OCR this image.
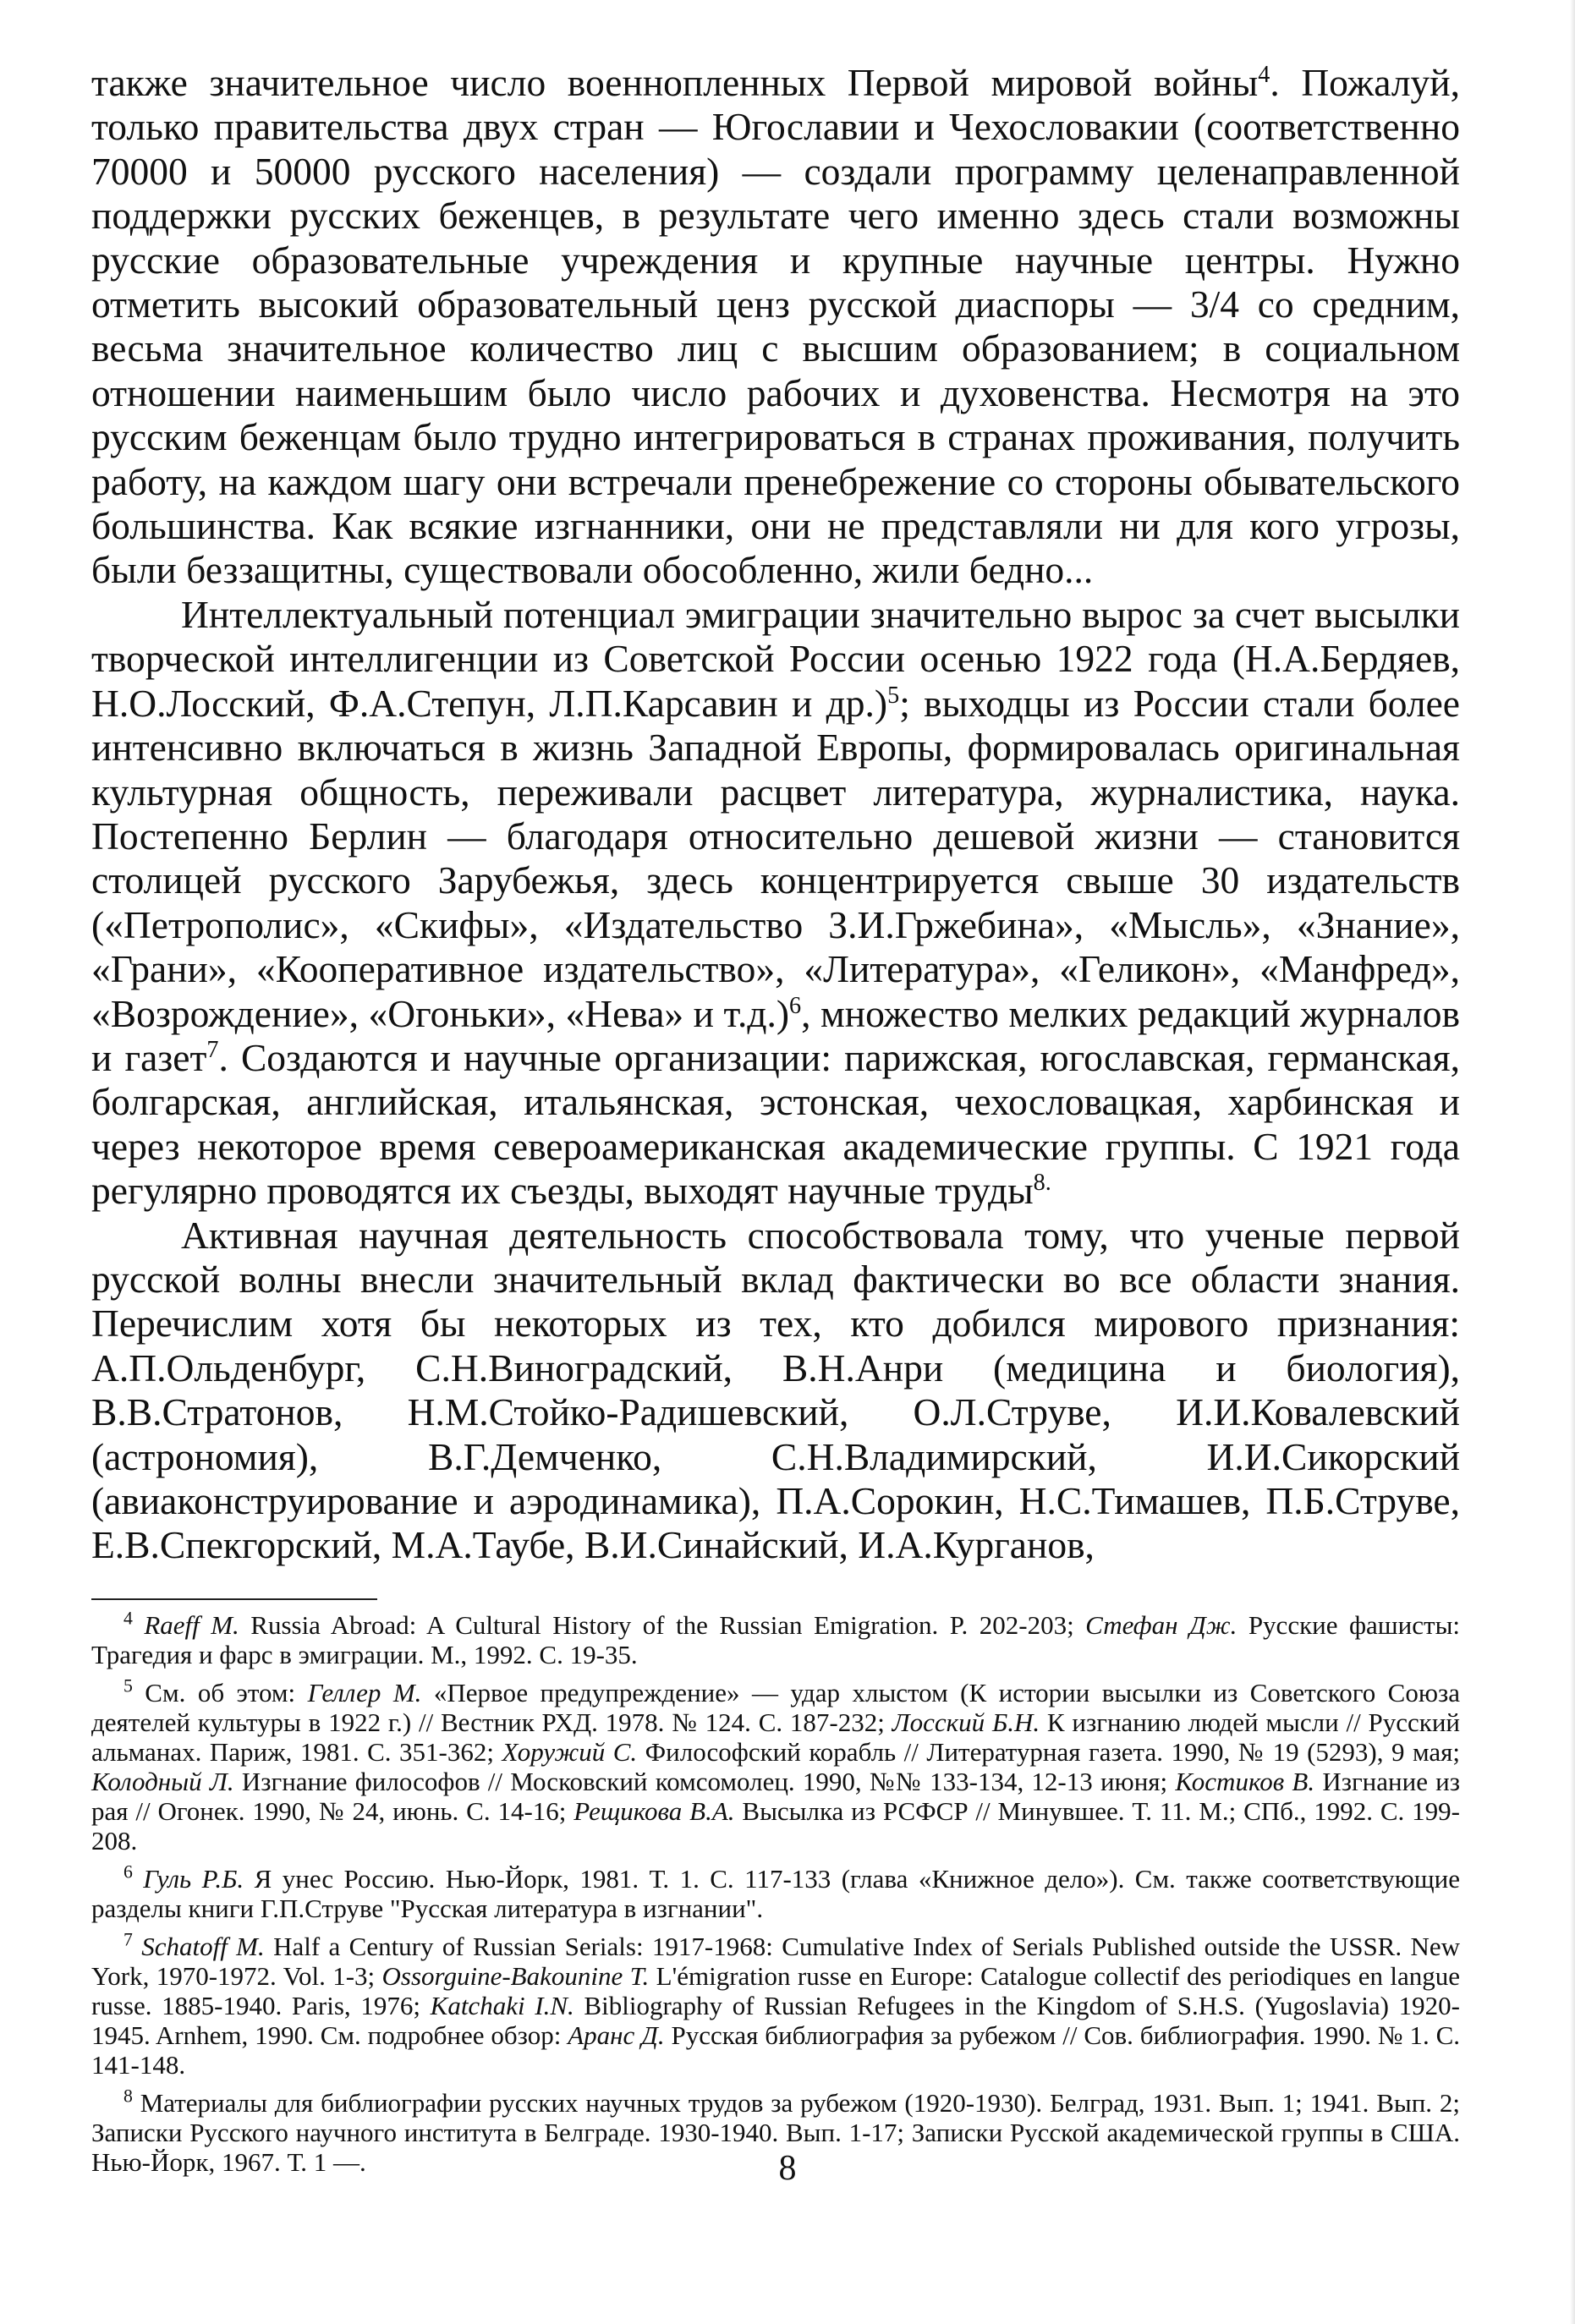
также значительное число военнопленных Первой мировой войны$^4$. Пожалуй, только правительства двух стран — Югославии и Чехословакии (соответственно 70000 и 50000 русского населения) — создали программу целенаправленной поддержки русских беженцев, в результате чего именно здесь стали возможны русские образовательные учреждения и крупные научные центры. Нужно отметить высокий образовательный ценз русской диаспоры — 3/4 со средним, весьма значительное количество лиц с высшим образованием; в социальном отношении наименьшим было число рабочих и духовенства. Несмотря на это русским беженцам было трудно интегрироваться в странах проживания, получить работу, на каждом шагу они встречали пренебрежение со стороны обывательского большинства. Как всякие изгнанники, они не представляли ни для кого угрозы, были беззащитны, существовали обособленно, жили бедно...

Интеллектуальный потенциал эмиграции значительно вырос за счет высылки творческой интеллигенции из Советской России осенью 1922 года (Н.А.Бердяев, Н.О.Лосский, Ф.А.Степун, Л.П.Карсавин и др.)$^5$; выходцы из России стали более интенсивно включаться в жизнь Западной Европы, формировалась оригинальная культурная общность, переживали расцвет литература, журналистика, наука. Постепенно Берлин — благодаря относительно дешевой жизни — становится столицей русского Зарубежья, здесь концентрируется свыше 30 издательств («Петрополис», «Скифы», «Издательство З.И.Гржебина», «Мысль», «Знание», «Грани», «Кооперативное издательство», «Литература», «Геликон», «Манфред», «Возрождение», «Огоньки», «Нева» и т.д.)$^6$, множество мелких редакций журналов и газет$^7$. Создаются и научные организации: парижская, югославская, германская, болгарская, английская, итальянская, эстонская, чехословацкая, харбинская и через некоторое время североамериканская академические группы. С 1921 года регулярно проводятся их съезды, выходят научные труды$^{8.}$

Активная научная деятельность способствовала тому, что ученые первой русской волны внесли значительный вклад фактически во все области знания. Перечислим хотя бы некоторых из тех, кто добился мирового признания: А.П.Ольденбург, С.Н.Виноградский, В.Н.Анри (медицина и биология), В.В.Стратонов, Н.М.Стойко-Радишевский, О.Л.Струве, И.И.Ковалевский (астрономия), В.Г.Демченко, С.Н.Владимирский, И.И.Сикорский (авиаконструирование и аэродинамика), П.А.Сорокин, Н.С.Тимашев, П.Б.Струве, Е.В.Спекгорский, М.А.Таубе, В.И.Синайский, И.А.Курганов,

$^4$ Raeff M. Russia Abroad: A Cultural History of the Russian Emigration. P. 202-203; Стефан Дж. Русские фашисты: Трагедия и фарс в эмиграции. М., 1992. С. 19-35.

$^5$ См. об этом: Геллер М. «Первое предупреждение» — удар хлыстом (К истории высылки из Советского Союза деятелей культуры в 1922 г.) // Вестник РХД. 1978. № 124. С. 187-232; Лосский Б.Н. К изгнанию людей мысли // Русский альманах. Париж, 1981. С. 351-362; Хоружий С. Философский корабль // Литературная газета. 1990, № 19 (5293), 9 мая; Колодный Л. Изгнание философов // Московский комсомолец. 1990, №№ 133-134, 12-13 июня; Костиков В. Изгнание из рая // Огонек. 1990, № 24, июнь. С. 14-16; Рещикова В.А. Высылка из РСФСР // Минувшее. Т. 11. М.; СПб., 1992. С. 199-208.

$^6$ Гуль Р.Б. Я унес Россию. Нью-Йорк, 1981. Т. 1. С. 117-133 (глава «Книжное дело»). См. также соответствующие разделы книги Г.П.Струве "Русская литература в изгнании".

$^7$ Schatoff M. Half a Century of Russian Serials: 1917-1968: Cumulative Index of Serials Published outside the USSR. New York, 1970-1972. Vol. 1-3; Ossorguine-Bakounine T. L'émigration russe en Europe: Catalogue collectif des periodiques en langue russe. 1885-1940. Paris, 1976; Katchaki I.N. Bibliography of Russian Refugees in the Kingdom of S.H.S. (Yugoslavia) 1920-1945. Arnhem, 1990. См. подробнее обзор: Аранс Д. Русская библиография за рубежом // Сов. библиография. 1990. № 1. С. 141-148.

$^8$ Материалы для библиографии русских научных трудов за рубежом (1920-1930). Белград, 1931. Вып. 1; 1941. Вып. 2; Записки Русского научного института в Белграде. 1930-1940. Вып. 1-17; Записки Русской академической группы в США. Нью-Йорк, 1967. Т. 1 —.	8
